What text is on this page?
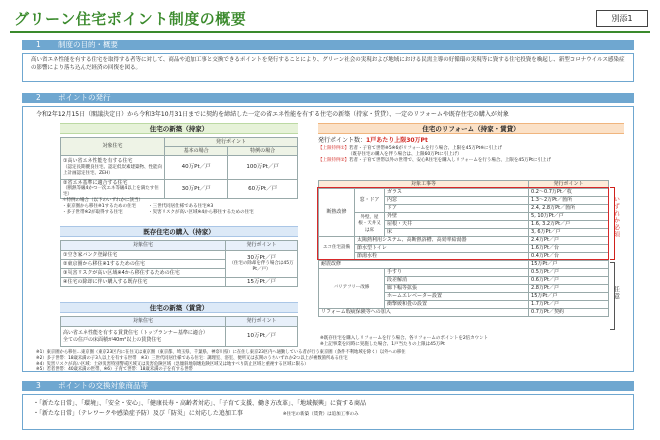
グリーン住宅ポイント制度の概要	別添1
1 制度の目的・概要
高い省エネ性能を有する住宅を取得する者等に対して、商品や追加工事と交換できるポイントを発行することにより、グリーン社会の実現および地域における民需主導の好循環の実現等に資する住宅投資を喚起し、新型コロナウイルス感染症の影響により落ち込んだ経済の回復を図る。
2 ポイントの発行
令和2年12月15日（閣議決定日）から令和3年10月31日までに契約を締結した一定の省エネ性能を有する住宅の新築（持家・賃貸）、一定のリフォームや既存住宅の購入が対象
住宅の新築（持家）
対象住宅	発行ポイント	
	基本の場合	特例の場合

①高い省エネ性能を有する住宅
（認定長期優良住宅、認定低炭素建築物、性能向上計画認定住宅、ZEH）	40万Pt／戸	100万Pt／戸

②省エネ基準に適合する住宅
（断熱等級4かつ一次エネ等級4以上を満たす住宅）	30万Pt／戸	60万Pt／戸
＊特例の場合（以下のいずれかに該当）
・東京圏から移住※1するための住宅
・多子世帯※2が取得する住宅
・三世代同居仕様である住宅※3
・災害リスクが高い区域※4から移住するための住宅
既存住宅の購入（持家）
対象住宅	発行ポイント
①空き家バンク登録住宅	30万Pt／戸
（住宅の除却を伴う場合は45万Pt／戸）

②東京圏から移住※1するための住宅	
③災害リスクが高い区域※4から移住するための住宅	
④住宅の除却に伴い購入する既存住宅	15万Pt／戸
住宅の新築（賃貸）
対象住宅	発行ポイント

高い省エネ性能を有する賃貸住宅（トップランナー基準に適合）
全ての住戸の床面積が40m²以上の賃貸住宅	10万Pt／戸
住宅のリフォーム（持家・賃貸）
発行ポイント数：1戸あたり上限30万Pt
【上限特例①】若者・子育て世帯※5※6がリフォームを行う場合、上限を45万Pt※に引上げ
（既存住宅の購入を伴う場合は、上限60万Ptに引上げ）
【上限特例②】若者・子育て世帯以外の世帯で、安心R住宅を購入しリフォームを行う場合、上限を45万Ptに引上げ
対象工事等			発行ポイント
断熱改修	窓・ドア	ガラス	0.2〜0.7万Pt／枚
		内窓	1.3〜2万Pt／箇所
		ドア	2.4, 2.8万Pt／箇所
	外壁、屋根・天井又は床	外壁	5, 10万Pt／戸
		屋根・天井	1.6, 3.2万Pt／戸
		床	3, 6万Pt／戸
エコ住宅設備	太陽熱利用システム、高断熱浴槽、高効率給湯器		2.4万Pt／戸
	節水型トイレ		1.6万Pt／台
	節湯水栓		0.4万Pt／台
耐震改修			15万Pt／戸
バリアフリー改修		手すり	0.5万Pt／戸
		段差解消	0.6万Pt／戸
		廊下幅等拡張	2.8万Pt／戸
		ホームエレベーター設置	15万Pt／戸
		衝撃緩和畳の設置	1.7万Pt／戸
リフォーム瑕疵保険等への加入			0.7万Pt／契約
いずれか必須
任意
※既存住宅を購入しリフォームを行う場合、各リフォームのポイントを2倍カウント
※上記事業を同時に実施した場合、1戸当たりの上限は45万Pt
※1）東京圏から移住…東京圏（東京23区内に在住又は東京圏（東京都、埼玉県、千葉県、神奈川県）に在住し東京23区内へ通勤している者が行う東京圏（条件不利地域を除く）以外への移住
※2）多子世帯：18歳未満の子3人以上を有する世帯　※3）三世代同居仕様である住宅：調理室、浴室、便所又は玄関のうちいずれか2つ以上が複数箇所ある住宅
※4）災害リスクが高い区域：土砂災害特別警戒区域又は災害危険区域（急傾斜地崩壊危険区域又は地すべり防止区域と重複する区域に限る）
※5）若者世帯：40歳未満の世帯、※6）子育て世帯：18歳未満の子を有する世帯
3 ポイントの交換対象商品等
・「新たな日常」、「環境」、「安全・安心」、「健康長寿・高齢者対応」、「子育て支援、働き方改革」、「地域振興」に資する商品
・「新たな日常」（テレワークや感染症予防）及び「防災」に対応した追加工事	※住宅の新築（賃貸）は追加工事のみ
